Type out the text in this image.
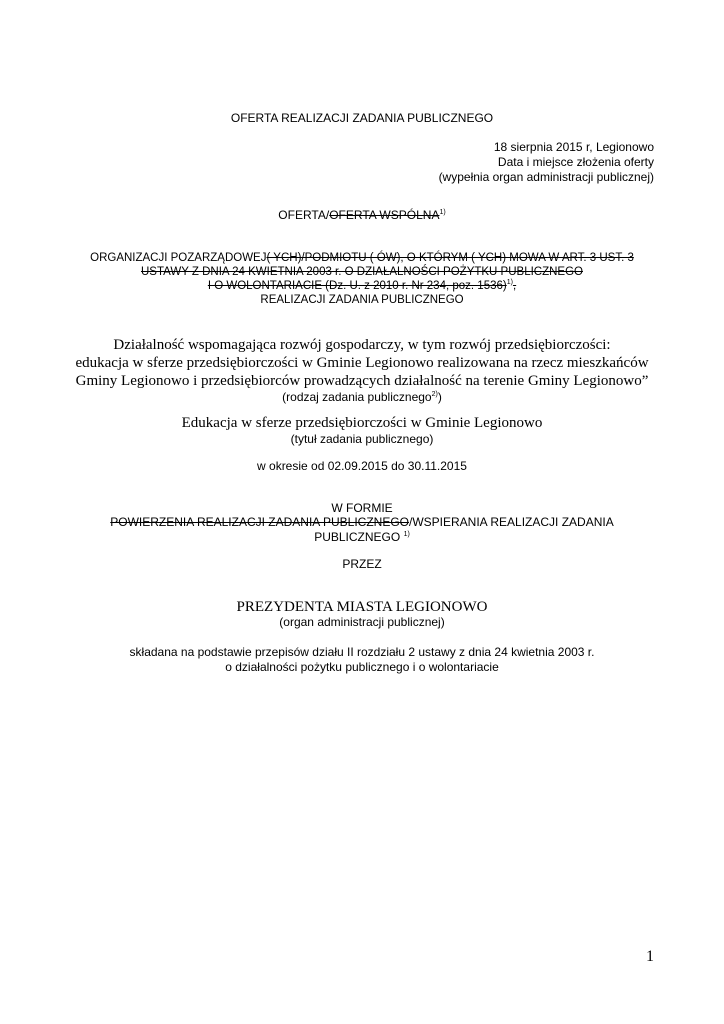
OFERTA REALIZACJI ZADANIA PUBLICZNEGO
18 sierpnia 2015 r, Legionowo
Data i miejsce złożenia oferty
(wypełnia organ administracji publicznej)
OFERTA/OFERTA WSPÓLNA$^{1)}$
ORGANIZACJI POZARZĄDOWEJ( YCH)/PODMIOTU ( ÓW), O KTÓRYM ( YCH) MOWA W ART. 3 UST. 3
USTAWY Z DNIA 24 KWIETNIA 2003 r. O DZIAŁALNOŚCI POŻYTKU PUBLICZNEGO
I O WOLONTARIACIE (Dz. U. z 2010 r. Nr 234, poz. 1536)$^{1)}$,
REALIZACJI ZADANIA PUBLICZNEGO
Działalność wspomagająca rozwój gospodarczy, w tym rozwój przedsiębiorczości:
edukacja w sferze przedsiębiorczości w Gminie Legionowo realizowana na rzecz mieszkańców
Gminy Legionowo i przedsiębiorców prowadzących działalność na terenie Gminy Legionowo”
(rodzaj zadania publicznego$^{2)}$)
Edukacja w sferze przedsiębiorczości w Gminie Legionowo
(tytuł zadania publicznego)
w okresie od 02.09.2015 do 30.11.2015
W FORMIE
POWIERZENIA REALIZACJI ZADANIA PUBLICZNEGO/WSPIERANIA REALIZACJI ZADANIA
PUBLICZNEGO $^{1)}$
PRZEZ
PREZYDENTA MIASTA LEGIONOWO
(organ administracji publicznej)
składana na podstawie przepisów działu II rozdziału 2 ustawy z dnia 24 kwietnia 2003 r.
o działalności pożytku publicznego i o wolontariacie
1
